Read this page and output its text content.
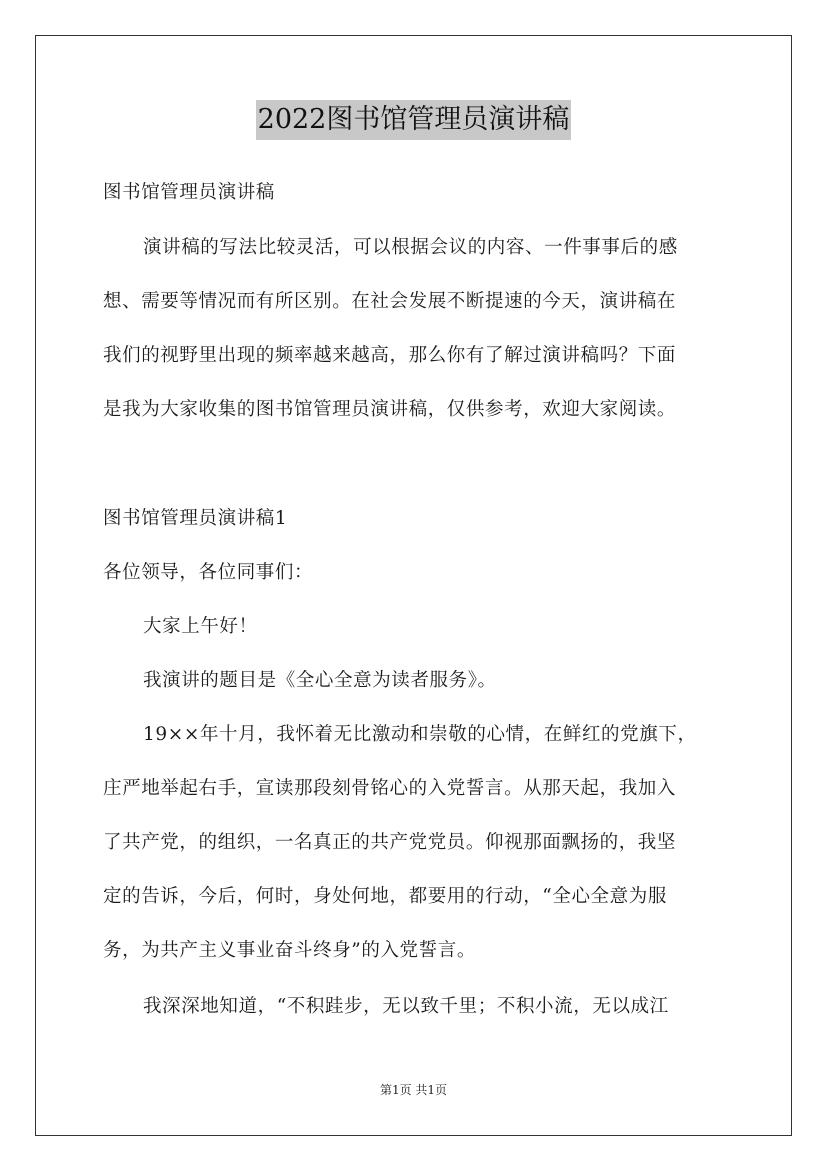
2022图书馆管理员演讲稿
图书馆管理员演讲稿
演讲稿的写法比较灵活，可以根据会议的内容、一件事事后的感
想、需要等情况而有所区别。在社会发展不断提速的今天，演讲稿在
我们的视野里出现的频率越来越高，那么你有了解过演讲稿吗？下面
是我为大家收集的图书馆管理员演讲稿，仅供参考，欢迎大家阅读。
图书馆管理员演讲稿1
各位领导，各位同事们：
大家上午好！
我演讲的题目是《全心全意为读者服务》。
19××年十月，我怀着无比激动和崇敬的心情，在鲜红的党旗下，
庄严地举起右手，宣读那段刻骨铭心的入党誓言。从那天起，我加入
了共产党，的组织，一名真正的共产党党员。仰视那面飘扬的，我坚
定的告诉，今后，何时，身处何地，都要用的行动，“全心全意为服
务，为共产主义事业奋斗终身”的入党誓言。
我深深地知道，“不积跬步，无以致千里；不积小流，无以成江
第1页 共1页
